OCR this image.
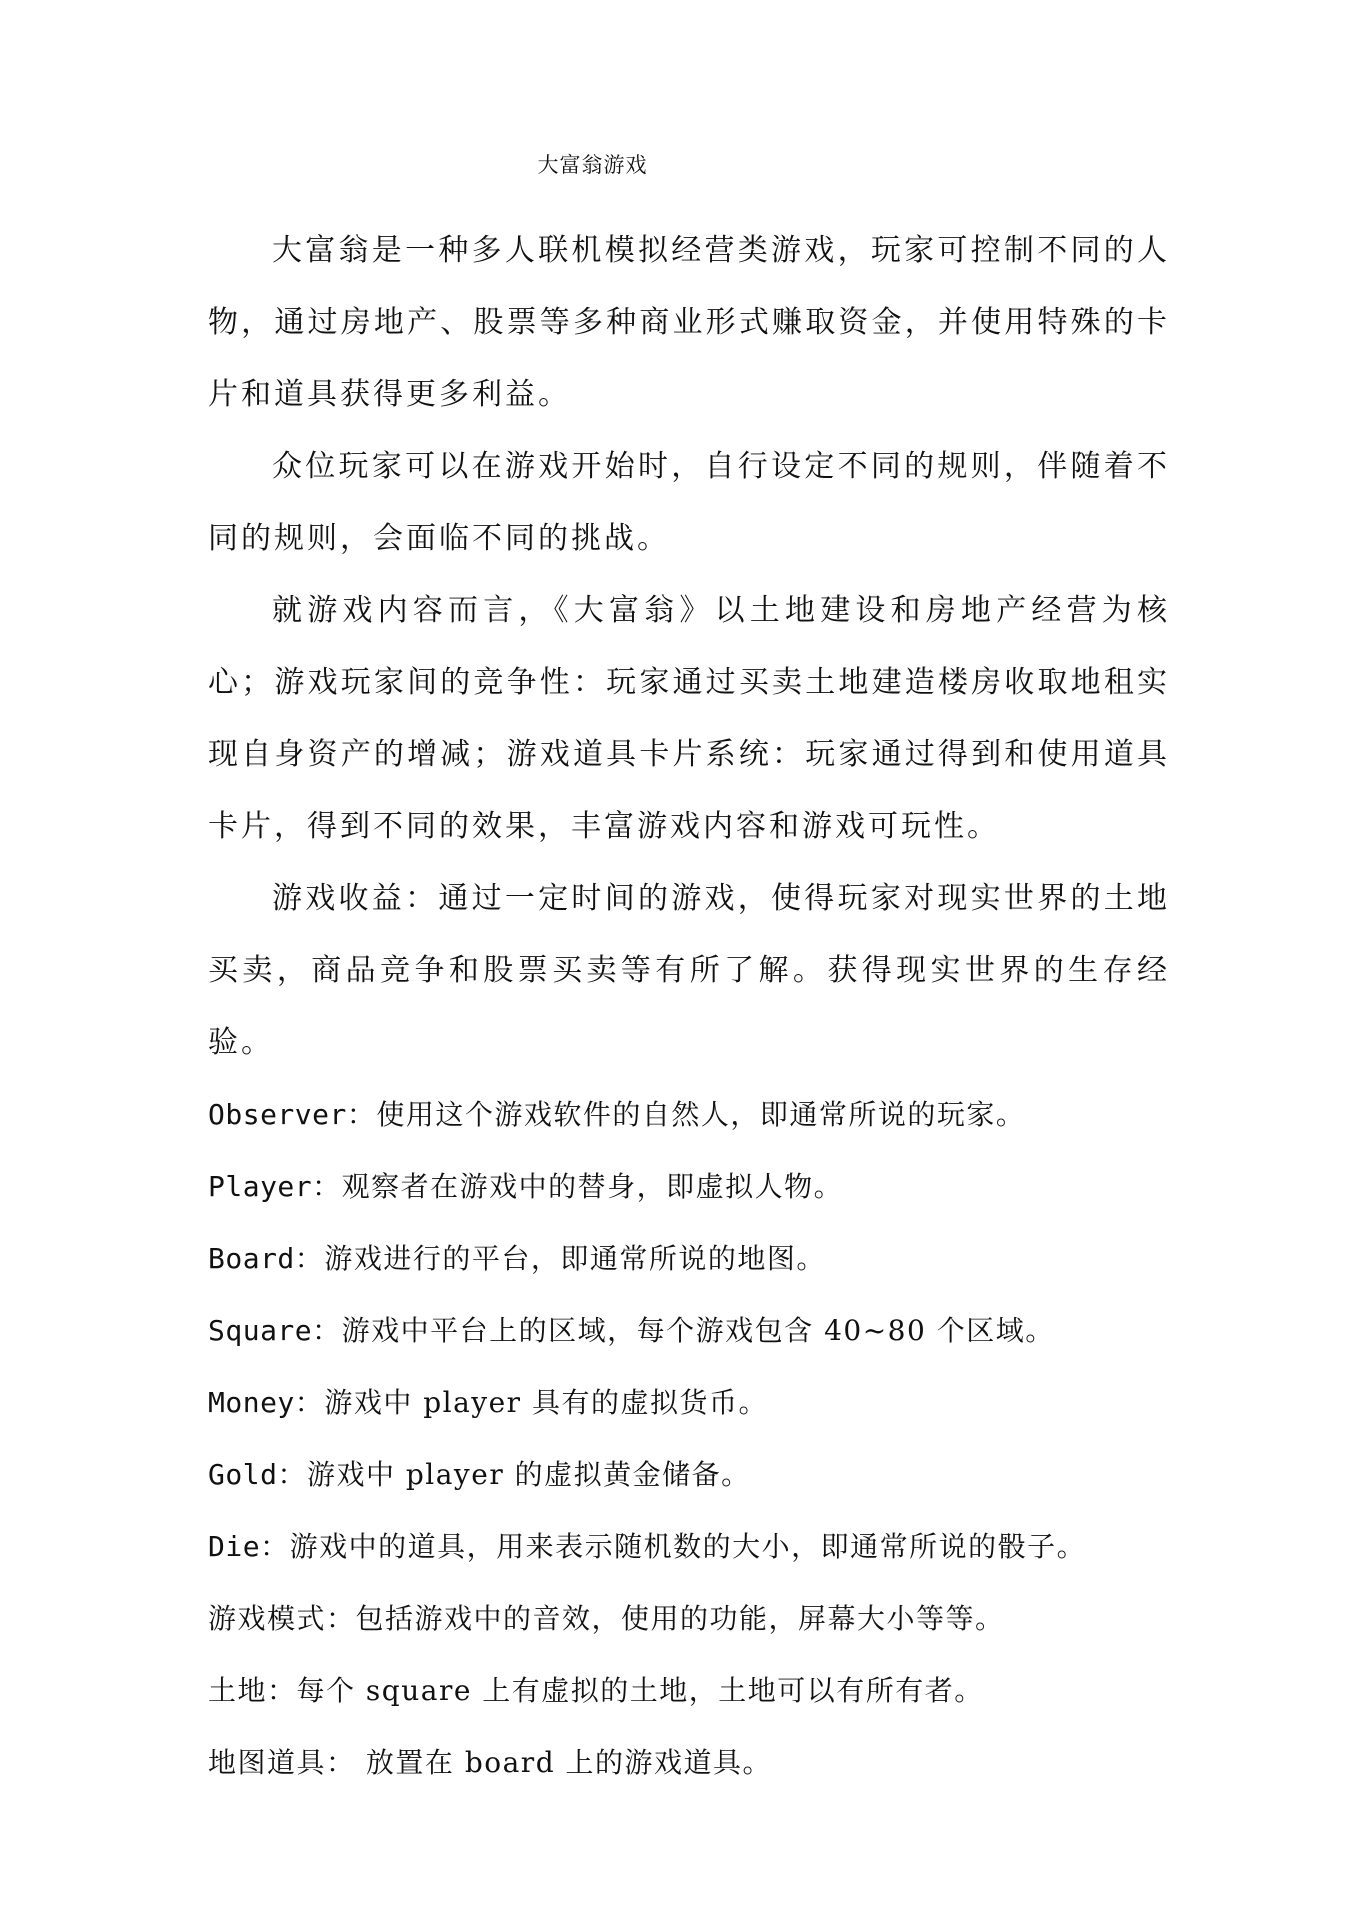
大富翁游戏

大富翁是一种多人联机模拟经营类游戏，玩家可控制不同的人物，通过房地产、股票等多种商业形式赚取资金，并使用特殊的卡片和道具获得更多利益。

众位玩家可以在游戏开始时，自行设定不同的规则，伴随着不同的规则，会面临不同的挑战。

就游戏内容而言，《大富翁》以土地建设和房地产经营为核心；游戏玩家间的竞争性：玩家通过买卖土地建造楼房收取地租实现自身资产的增减；游戏道具卡片系统：玩家通过得到和使用道具卡片，得到不同的效果，丰富游戏内容和游戏可玩性。

游戏收益：通过一定时间的游戏，使得玩家对现实世界的土地买卖，商品竞争和股票买卖等有所了解。获得现实世界的生存经验。

Observer：使用这个游戏软件的自然人，即通常所说的玩家。

Player：观察者在游戏中的替身，即虚拟人物。

Board：游戏进行的平台，即通常所说的地图。

Square：游戏中平台上的区域，每个游戏包含 40~80 个区域。

Money：游戏中 player 具有的虚拟货币。

Gold：游戏中 player 的虚拟黄金储备。

Die：游戏中的道具，用来表示随机数的大小，即通常所说的骰子。

游戏模式：包括游戏中的音效，使用的功能，屏幕大小等等。

土地：每个 square 上有虚拟的土地，土地可以有所有者。

地图道具： 放置在 board 上的游戏道具。
